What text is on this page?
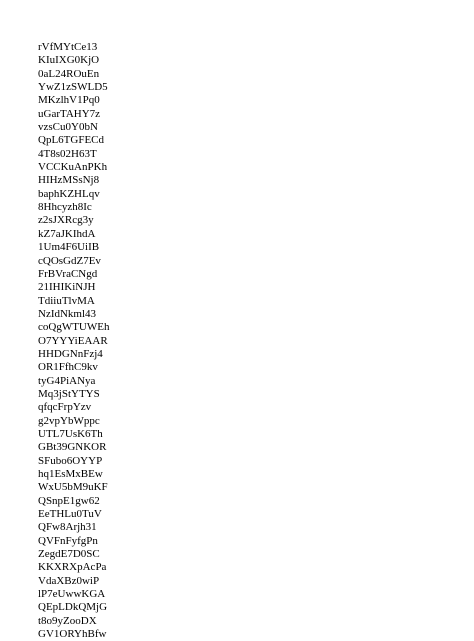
rVfMYtCe13
KIuIXG0KjO
0aL24ROuEn
YwZ1zSWLD5
MKzlhV1Pq0
uGarTAHY7z
vzsCu0Y0bN
QpL6TGFECd
4T8s02H63T
VCCKuAnPKh
HIHzMSsNj8
baphKZHLqv
8Hhcyzh8Ic
z2sJXRcg3y
kZ7aJKIhdA
1Um4F6UiIB
cQOsGdZ7Ev
FrBVraCNgd
21IHIKiNJH
TdiiuTlvMA
NzIdNkml43
coQgWTUWEh
O7YYYiEAAR
HHDGNnFzj4
OR1FfhC9kv
tyG4PiANya
Mq3jStYTYS
qfqcFrpYzv
g2vpYbWppc
UTL7UsK6Th
GBt39GNKOR
SFubo6OYYP
hq1EsMxBEw
WxU5bM9uKF
QSnpE1gw62
EeTHLu0TuV
QFw8Arjh31
QVFnFyfgPn
ZegdE7D0SC
KKXRXpAcPa
VdaXBz0wiP
lP7eUwwKGA
QEpLDkQMjG
t8o9yZooDX
GV1ORYhBfw
